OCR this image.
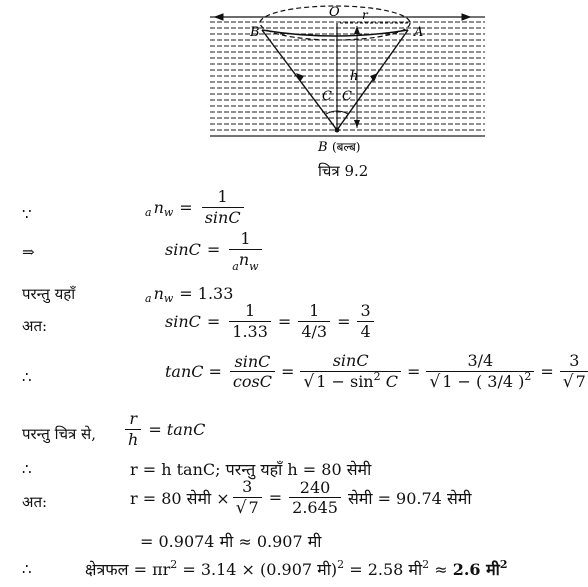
O r
A
B
h
C C
B (बल्ब)
चित्र 9.2
∵	a n $w = \frac{1}{\sin C}$
⇒	$\sin C = \frac{1}{_an_w}$
परन्तु यहाँ	a n w = 1.33
अत:	$\sin C = \frac{1}{1.33} = \frac{1}{4/3} = \frac{3}{4}$
∴	$\tan C = \frac{\sin C}{\cos C} = \frac{\sin C}{√ 1 - \sin^2 C} = \frac{3/4}{√ 1 - ( 3/4 )^2} = \frac{3}{√ 7}$
परन्तु चित्र से, $\frac{r}{h} = \tan C$
∴	r = h tanC; परन्तु यहाँ h = 80 सेमी
अत:	r = 80 सेमी × $\frac{3}{√ 7} = \frac{240}{2.645}$ सेमी = 90.74 सेमी
= 0.9074 मी ≈ 0.907 मी
∴	क्षेत्रफल = $\pi r^2 = 3.14 \times (0.907$ मी)$^2$ = 2.58 मी$^2$ ≈ 2.6 मी$^2$
